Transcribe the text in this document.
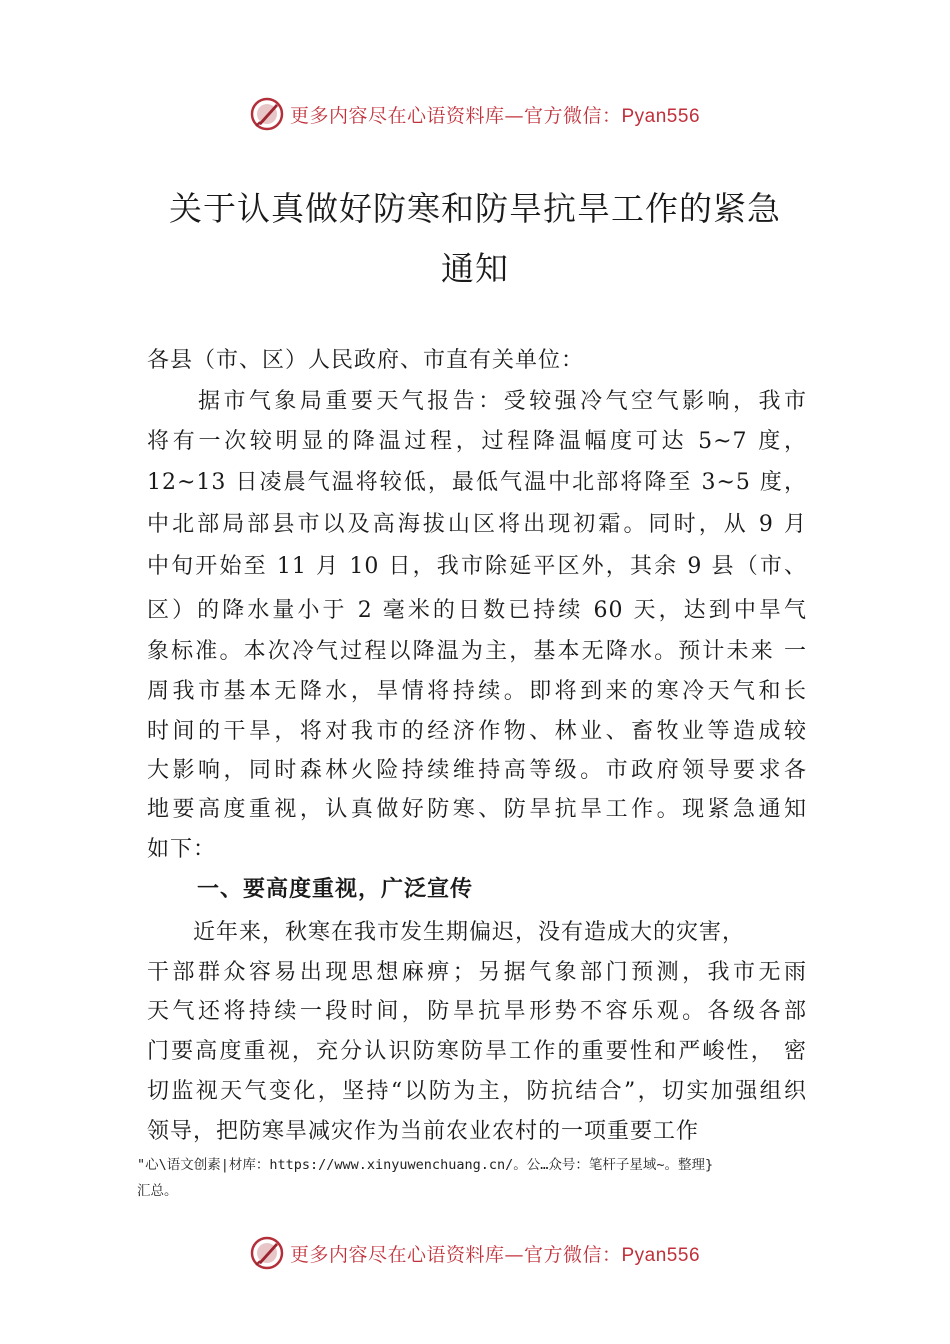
更多内容尽在心语资料库—官方微信：Pyan556
关于认真做好防寒和防旱抗旱工作的紧急
通知
各县（市、区）人民政府、市直有关单位：
　　据市气象局重要天气报告：受较强冷气空气影响，我市
将有一次较明显的降温过程，过程降温幅度可达 5~7 度，
12~13 日凌晨气温将较低，最低气温中北部将降至 3~5 度，
中北部局部县市以及高海拔山区将出现初霜。同时，从 9 月
中旬开始至 11 月 10 日，我市除延平区外，其余 9 县（市、
区）的降水量小于 2 毫米的日数已持续 60 天，达到中旱气
象标准。本次冷气过程以降温为主，基本无降水。预计未来 一
周我市基本无降水，旱情将持续。即将到来的寒冷天气和长
时间的干旱，将对我市的经济作物、林业、畜牧业等造成较
大影响，同时森林火险持续维持高等级。市政府领导要求各
地要高度重视，认真做好防寒、防旱抗旱工作。现紧急通知
如下：
一、要高度重视，广泛宣传
　　近年来，秋寒在我市发生期偏迟，没有造成大的灾害，
干部群众容易出现思想麻痹；另据气象部门预测，我市无雨
天气还将持续一段时间，防旱抗旱形势不容乐观。各级各部
门要高度重视，充分认识防寒防旱工作的重要性和严峻性， 密
切监视天气变化，坚持“以防为主，防抗结合”，切实加强组织
领导，把防寒旱减灾作为当前农业农村的一项重要工作
"心\语文创素|材库：https://www.xinyuwenchuang.cn/。公…众号：笔杆子星域~。整理}
汇总。
更多内容尽在心语资料库—官方微信：Pyan556
